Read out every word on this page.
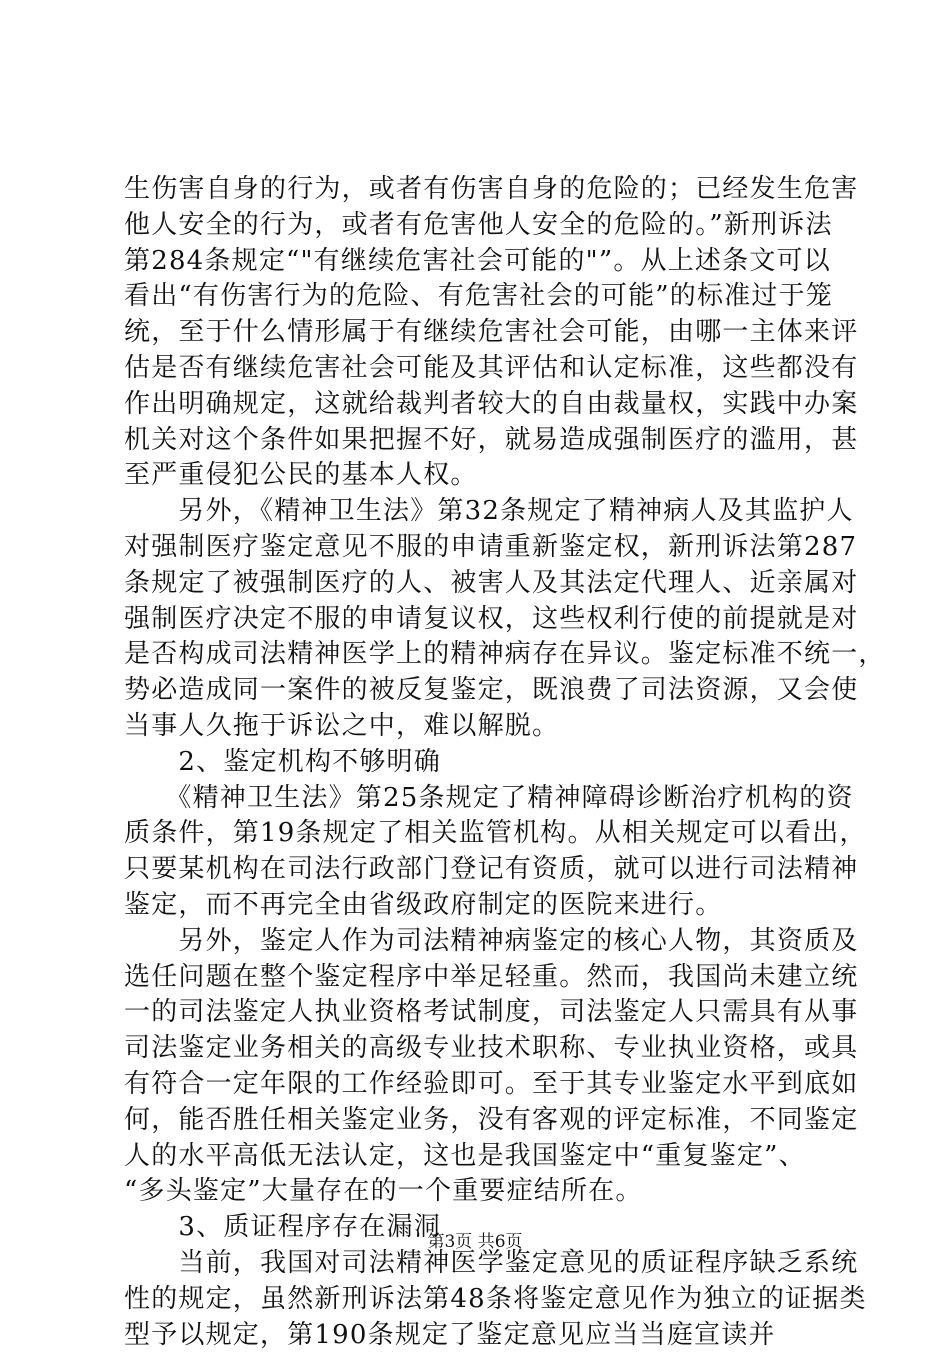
生伤害自身的行为，或者有伤害自身的危险的；已经发生危害
他人安全的行为，或者有危害他人安全的危险的。”新刑诉法
第284条规定“"有继续危害社会可能的"”。从上述条文可以
看出“有伤害行为的危险、有危害社会的可能”的标准过于笼
统，至于什么情形属于有继续危害社会可能，由哪一主体来评
估是否有继续危害社会可能及其评估和认定标准，这些都没有
作出明确规定，这就给裁判者较大的自由裁量权，实践中办案
机关对这个条件如果把握不好，就易造成强制医疗的滥用，甚
至严重侵犯公民的基本人权。
　　另外，《精神卫生法》第32条规定了精神病人及其监护人
对强制医疗鉴定意见不服的申请重新鉴定权，新刑诉法第287
条规定了被强制医疗的人、被害人及其法定代理人、近亲属对
强制医疗决定不服的申请复议权，这些权利行使的前提就是对
是否构成司法精神医学上的精神病存在异议。鉴定标准不统一，
势必造成同一案件的被反复鉴定，既浪费了司法资源，又会使
当事人久拖于诉讼之中，难以解脱。
　　2、鉴定机构不够明确
　　《精神卫生法》第25条规定了精神障碍诊断治疗机构的资
质条件，第19条规定了相关监管机构。从相关规定可以看出，
只要某机构在司法行政部门登记有资质，就可以进行司法精神
鉴定，而不再完全由省级政府制定的医院来进行。
　　另外，鉴定人作为司法精神病鉴定的核心人物，其资质及
选任问题在整个鉴定程序中举足轻重。然而，我国尚未建立统
一的司法鉴定人执业资格考试制度，司法鉴定人只需具有从事
司法鉴定业务相关的高级专业技术职称、专业执业资格，或具
有符合一定年限的工作经验即可。至于其专业鉴定水平到底如
何，能否胜任相关鉴定业务，没有客观的评定标准，不同鉴定
人的水平高低无法认定，这也是我国鉴定中“重复鉴定”、
“多头鉴定”大量存在的一个重要症结所在。
　　3、质证程序存在漏洞
　　当前，我国对司法精神医学鉴定意见的质证程序缺乏系统
性的规定，虽然新刑诉法第48条将鉴定意见作为独立的证据类
型予以规定，第190条规定了鉴定意见应当当庭宣读并
第3页 共6页
